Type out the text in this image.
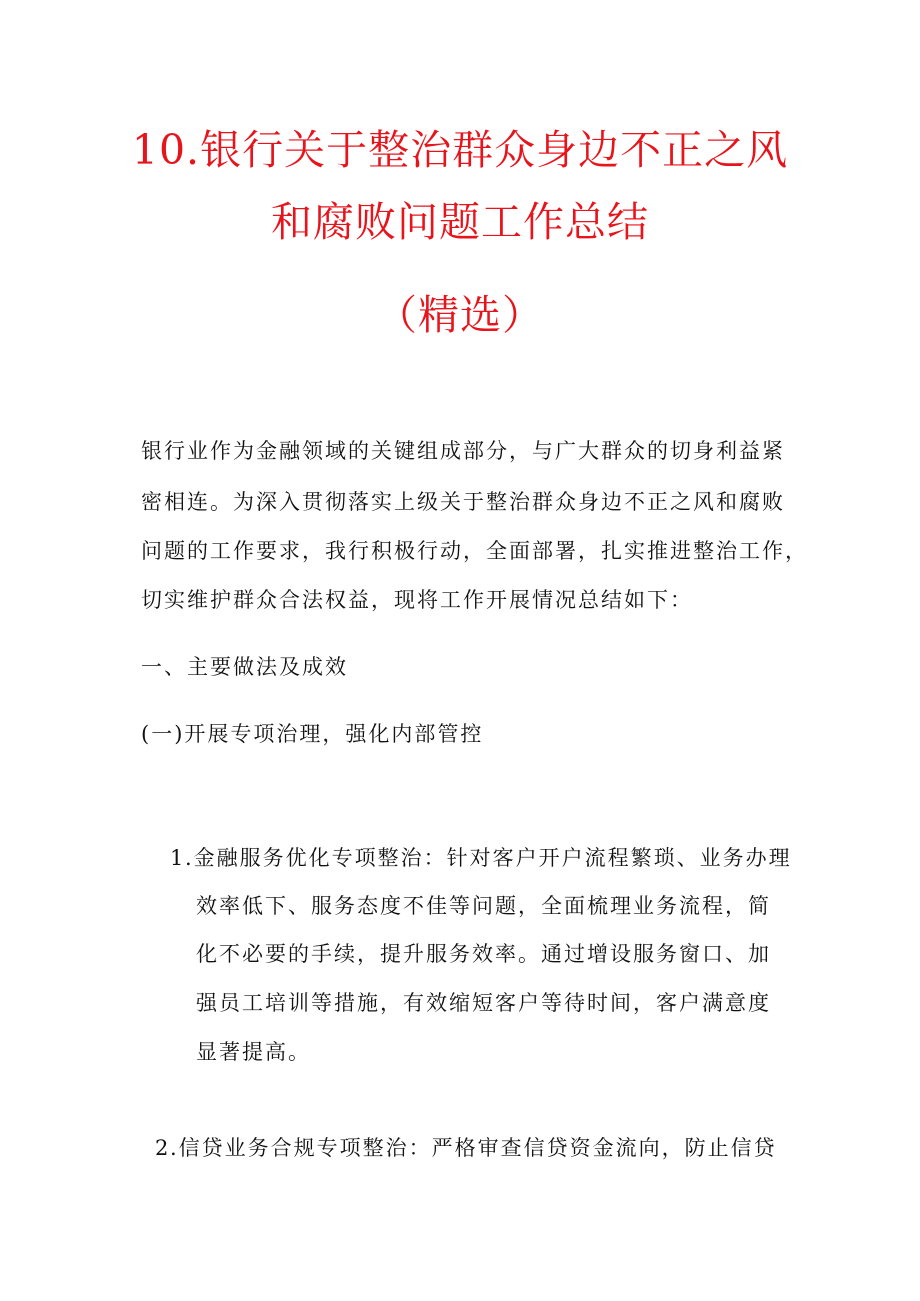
10.银行关于整治群众身边不正之风
和腐败问题工作总结
（精选）
银行业作为金融领域的关键组成部分，与广大群众的切身利益紧
密相连。为深入贯彻落实上级关于整治群众身边不正之风和腐败
问题的工作要求，我行积极行动，全面部署，扎实推进整治工作，
切实维护群众合法权益，现将工作开展情况总结如下：
一、主要做法及成效
(一)开展专项治理，强化内部管控
1 .金融服务优化专项整治：针对客户开户流程繁琐、业务办理
效率低下、服务态度不佳等问题，全面梳理业务流程，简
化不必要的手续，提升服务效率。通过增设服务窗口、加
强员工培训等措施，有效缩短客户等待时间，客户满意度
显著提高。
2 .信贷业务合规专项整治：严格审查信贷资金流向，防止信贷
